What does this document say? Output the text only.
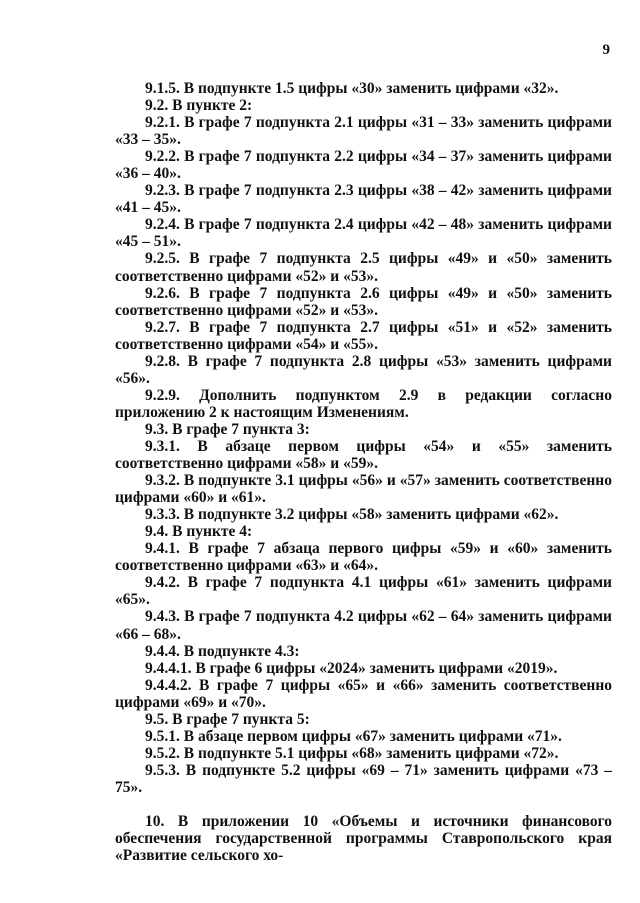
9

9.1.5. В подпункте 1.5 цифры «30» заменить цифрами «32».

9.2. В пункте 2:

9.2.1. В графе 7 подпункта 2.1 цифры «31 – 33» заменить цифрами «33 – 35».

9.2.2. В графе 7 подпункта 2.2 цифры «34 – 37» заменить цифрами «36 – 40».

9.2.3. В графе 7 подпункта 2.3 цифры «38 – 42» заменить цифрами «41 – 45».

9.2.4. В графе 7 подпункта 2.4 цифры «42 – 48» заменить цифрами «45 – 51».

9.2.5. В графе 7 подпункта 2.5 цифры «49» и «50» заменить соответственно цифрами «52» и «53».

9.2.6. В графе 7 подпункта 2.6 цифры «49» и «50» заменить соответственно цифрами «52» и «53».

9.2.7. В графе 7 подпункта 2.7 цифры «51» и «52» заменить соответственно цифрами «54» и «55».

9.2.8. В графе 7 подпункта 2.8 цифры «53» заменить цифрами «56».

9.2.9. Дополнить подпунктом 2.9 в редакции согласно приложению 2 к настоящим Изменениям.

9.3. В графе 7 пункта 3:

9.3.1. В абзаце первом цифры «54» и «55» заменить соответственно цифрами «58» и «59».

9.3.2. В подпункте 3.1 цифры «56» и «57» заменить соответственно цифрами «60» и «61».

9.3.3. В подпункте 3.2 цифры «58» заменить цифрами «62».

9.4. В пункте 4:

9.4.1. В графе 7 абзаца первого цифры «59» и «60» заменить соответственно цифрами «63» и «64».

9.4.2. В графе 7 подпункта 4.1 цифры «61» заменить цифрами «65».

9.4.3. В графе 7 подпункта 4.2 цифры «62 – 64» заменить цифрами «66 – 68».

9.4.4. В подпункте 4.3:

9.4.4.1. В графе 6 цифры «2024» заменить цифрами «2019».

9.4.4.2. В графе 7 цифры «65» и «66» заменить соответственно цифрами «69» и «70».

9.5. В графе 7 пункта 5:

9.5.1. В абзаце первом цифры «67» заменить цифрами «71».

9.5.2. В подпункте 5.1 цифры «68» заменить цифрами «72».

9.5.3. В подпункте 5.2 цифры «69 – 71» заменить цифрами «73 – 75».

10. В приложении 10 «Объемы и источники финансового обеспечения государственной программы Ставропольского края «Развитие сельского хо-
